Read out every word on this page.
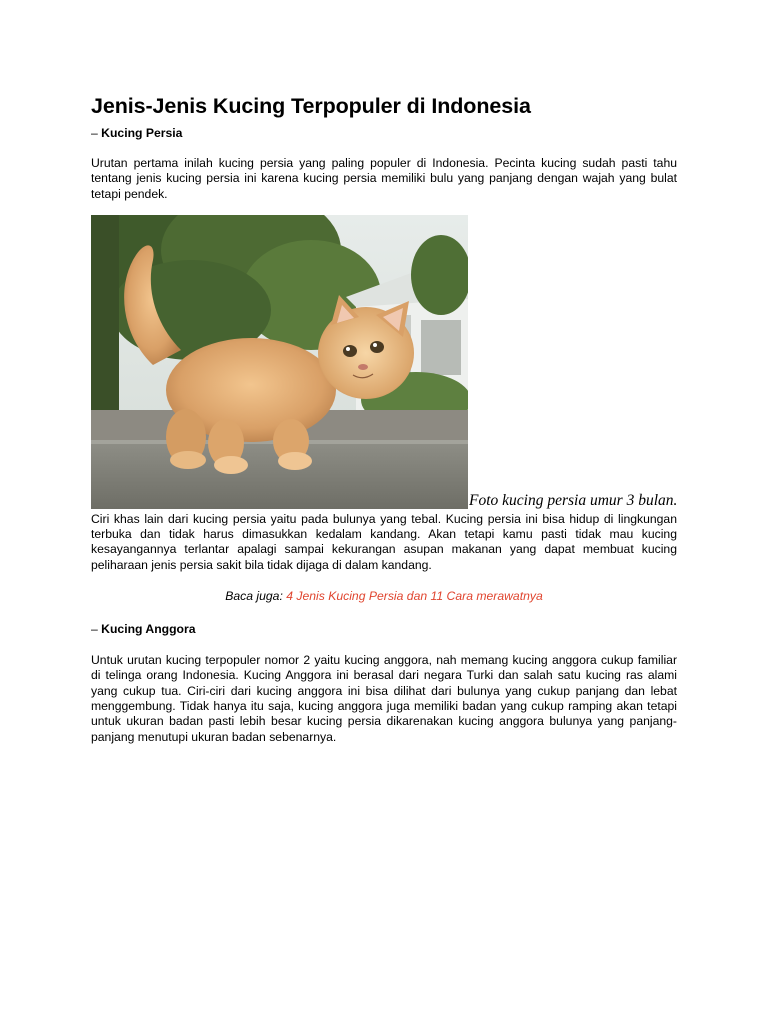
Jenis-Jenis Kucing Terpopuler di Indonesia

– Kucing Persia

Urutan pertama inilah kucing persia yang paling populer di Indonesia. Pecinta kucing sudah pasti tahu tentang jenis kucing persia ini karena kucing persia memiliki bulu yang panjang dengan wajah yang bulat tetapi pendek.

Foto kucing persia umur 3 bulan.

Ciri khas lain dari kucing persia yaitu pada bulunya yang tebal. Kucing persia ini bisa hidup di lingkungan terbuka dan tidak harus dimasukkan kedalam kandang. Akan tetapi kamu pasti tidak mau kucing kesayangannya terlantar apalagi sampai kekurangan asupan makanan yang dapat membuat kucing peliharaan jenis persia sakit bila tidak dijaga di dalam kandang.

Baca juga: 4 Jenis Kucing Persia dan 11 Cara merawatnya

– Kucing Anggora

Untuk urutan kucing terpopuler nomor 2 yaitu kucing anggora, nah memang kucing anggora cukup familiar di telinga orang Indonesia. Kucing Anggora ini berasal dari negara Turki dan salah satu kucing ras alami yang cukup tua. Ciri-ciri dari kucing anggora ini bisa dilihat dari bulunya yang cukup panjang dan lebat menggembung. Tidak hanya itu saja, kucing anggora juga memiliki badan yang cukup ramping akan tetapi untuk ukuran badan pasti lebih besar kucing persia dikarenakan kucing anggora bulunya yang panjang-panjang menutupi ukuran badan sebenarnya.
